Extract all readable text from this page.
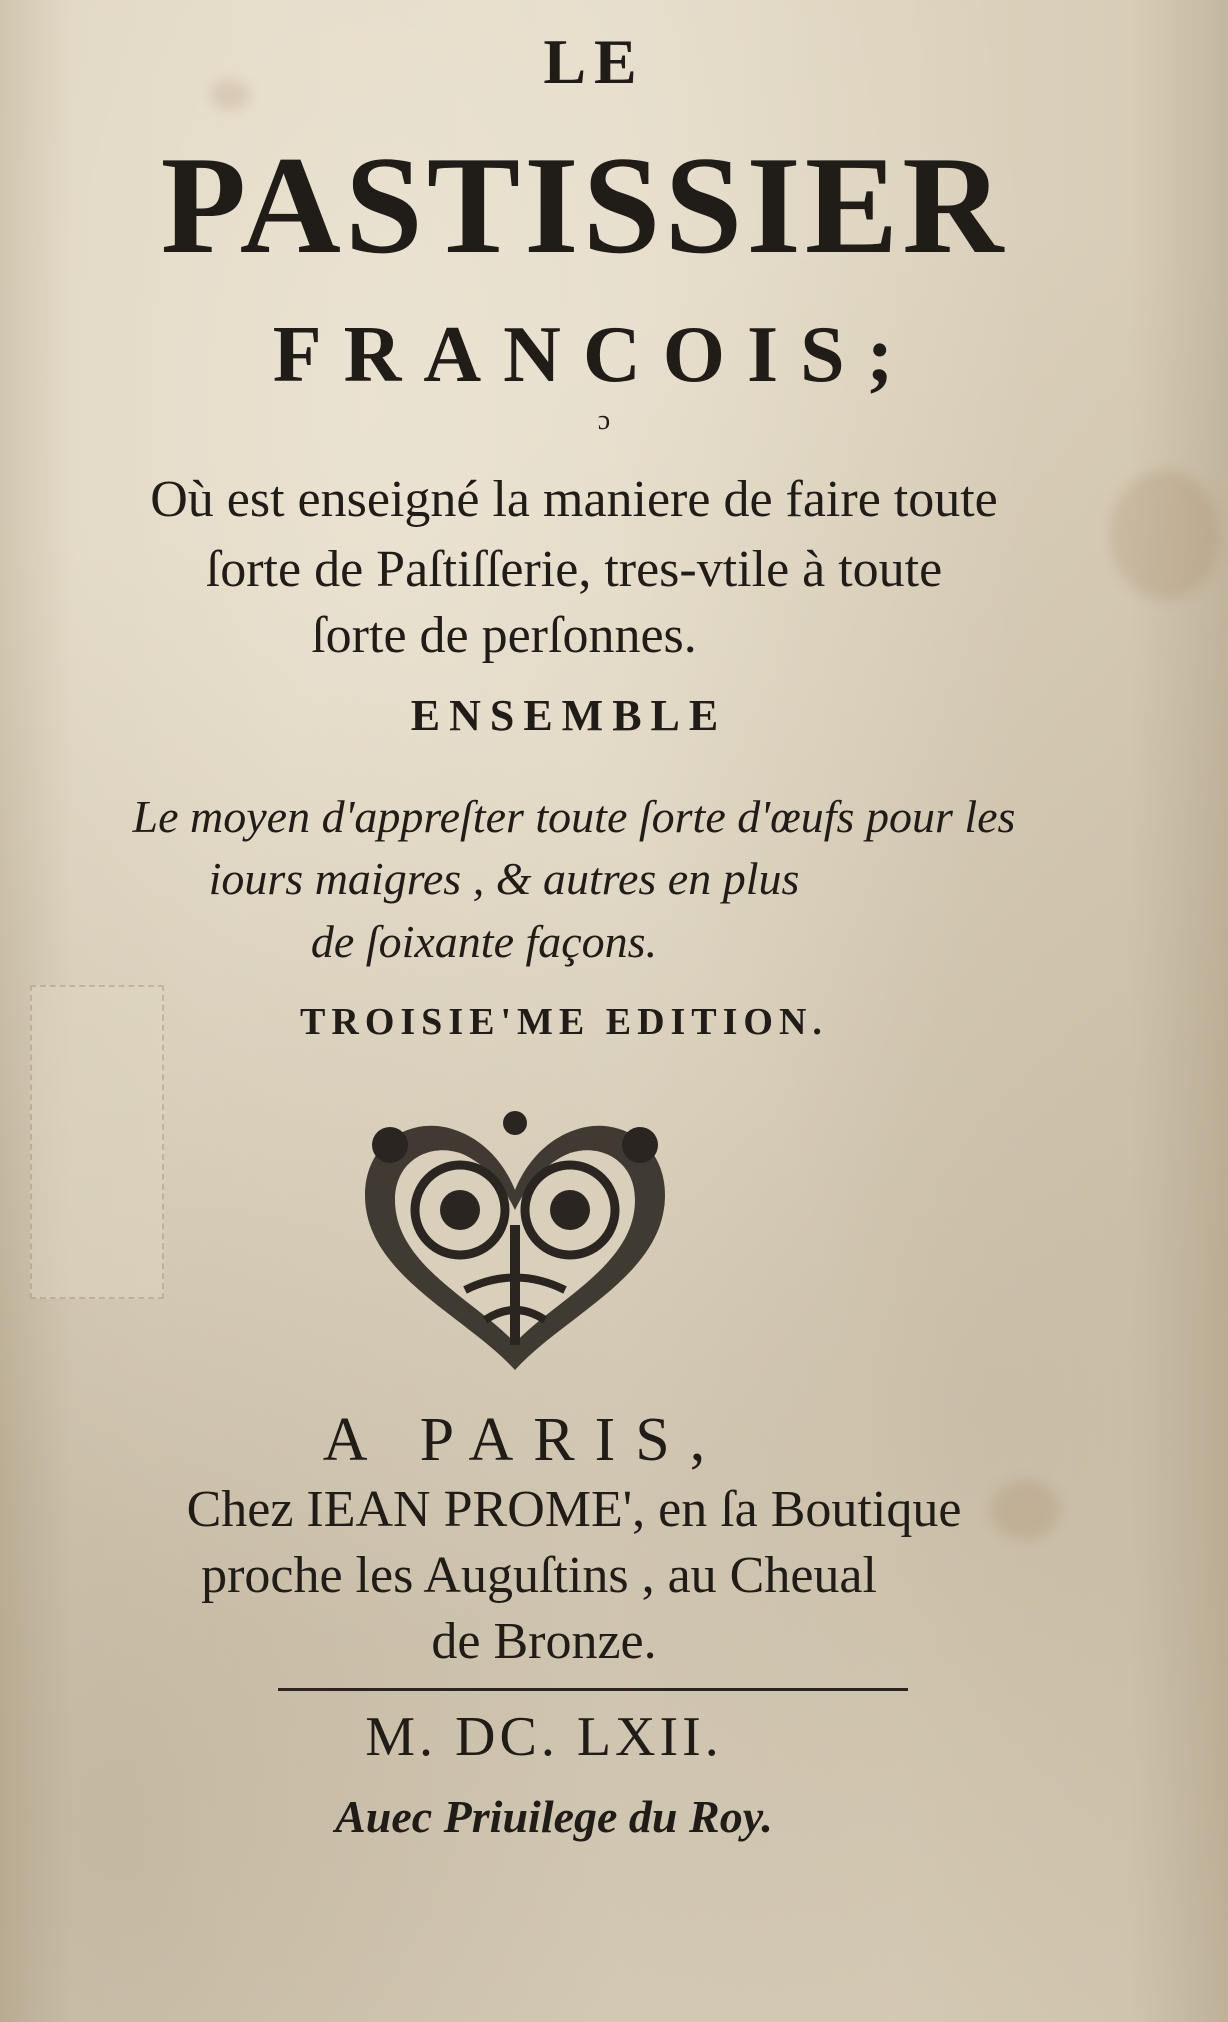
LE
PASTISSIER
FRANCOIS;
ɔ
Où est enseigné la maniere de faire toute
ſorte de Paſtiſſerie, tres-vtile à toute
ſorte de perſonnes.
ENSEMBLE
Le moyen d'appreſter toute ſorte d'œufs pour les
iours maigres , & autres en plus
de ſoixante façons.
TROISIE'ME EDITION.
A PARIS,
Chez IEAN PROME', en ſa Boutique
proche les Auguſtins , au Cheual
de Bronze.
M. DC. LXII.
Auec Priuilege du Roy.
